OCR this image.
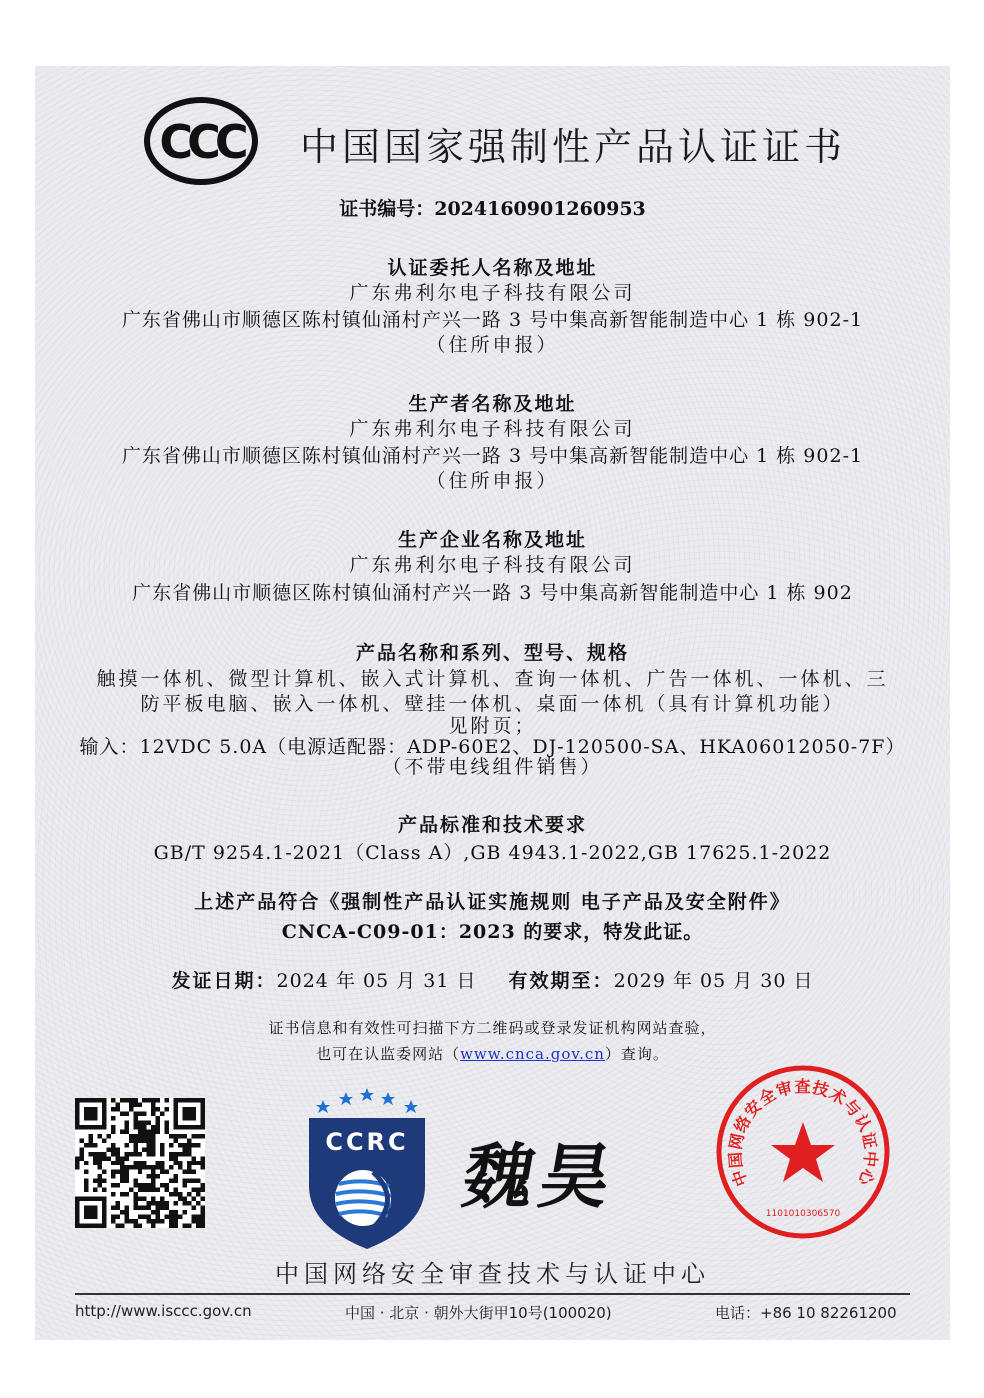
CCC 中国国家强制性产品认证证书
证书编号：2024160901260953
认证委托人名称及地址
广东弗利尔电子科技有限公司
广东省佛山市顺德区陈村镇仙涌村产兴一路 3 号中集高新智能制造中心 1 栋 902-1
（住所申报）
生产者名称及地址
广东弗利尔电子科技有限公司
广东省佛山市顺德区陈村镇仙涌村产兴一路 3 号中集高新智能制造中心 1 栋 902-1
（住所申报）
生产企业名称及地址
广东弗利尔电子科技有限公司
广东省佛山市顺德区陈村镇仙涌村产兴一路 3 号中集高新智能制造中心 1 栋 902
产品名称和系列、型号、规格
触摸一体机、微型计算机、嵌入式计算机、查询一体机、广告一体机、一体机、三
防平板电脑、嵌入一体机、壁挂一体机、桌面一体机（具有计算机功能）
见附页；
输入：12VDC 5.0A（电源适配器：ADP-60E2、DJ-120500-SA、HKA06012050-7F）
（不带电线组件销售）
产品标准和技术要求
GB/T 9254.1-2021（Class A）,GB 4943.1-2022,GB 17625.1-2022
上述产品符合《强制性产品认证实施规则 电子产品及安全附件》
CNCA-C09-01：2023 的要求，特发此证。
发证日期：2024 年 05 月 31 日 有效期至：2029 年 05 月 30 日
证书信息和有效性可扫描下方二维码或登录发证机构网站查验，
也可在认监委网站（www.cnca.gov.cn）查询。
CCRC 魏昊	中国网络安全审查技术与认证中心
1101010306570
中国网络安全审查技术与认证中心
http://www.isccc.gov.cn	中国 · 北京 · 朝外大街甲10号(100020)	电话：+86 10 82261200
